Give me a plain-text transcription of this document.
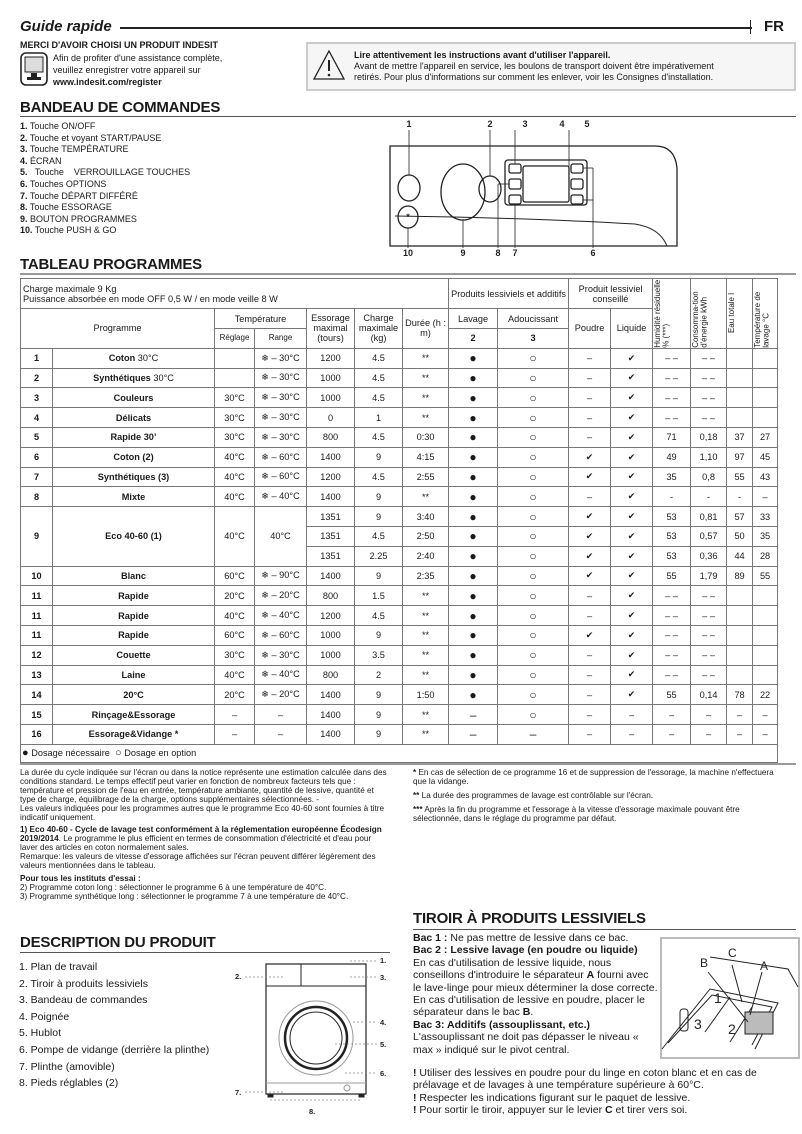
Guide rapide	FR
MERCI D'AVOIR CHOISI UN PRODUIT INDESIT
Afin de profiter d'une assistance complète,
veuillez enregistrer votre appareil sur
www.indesit.com/register
Lire attentivement les instructions avant d'utiliser l'appareil.
Avant de mettre l'appareil en service, les boulons de transport doivent être impérativement
retirés. Pour plus d'informations sur comment les enlever, voir les Consignes d'installation.
BANDEAU DE COMMANDES
1. Touche ON/OFF
2. Touche et voyant START/PAUSE
3. Touche TEMPÉRATURE
4. ÉCRAN
5.   Touche    VERROUILLAGE TOUCHES
6. Touches OPTIONS
7. Touche DÉPART DIFFÉRÉ
8. Touche ESSORAGE
9. BOUTON PROGRAMMES
10. Touche PUSH & GO
1	2	3	4 5
10	9	8 7	6
*
TABLEAU PROGRAMMES
Charge maximale 9 Kg
Puissance absorbée en mode OFF 0,5 W / en mode veille 8 W							Produits lessiviels et additifs		Produit lessiviel conseillé		Humidité résiduelle % (***)	Consomma-tion d'énergie kWh	Eau totale l	Température de lavage °C

Programme		Température		Essorage maximal (tours)	Charge maximale (kg)	Durée (h : m)	Lavage	Adoucissant	Poudre	Liquide				
		Réglage	Range				2	3						
1	Coton 30°C		❄ – 30°C	1200	4.5	**	●	○	–	✔	– –	– –		
2	Synthétiques 30°C		❄ – 30°C	1000	4.5	**	●	○	–	✔	– –	– –		
3	Couleurs	30°C	❄ – 30°C	1000	4.5	**	●	○	–	✔	– –	– –		
4	Délicats	30°C	❄ – 30°C	0	1	**	●	○	–	✔	– –	– –		
5	Rapide 30’	30°C	❄ – 30°C	800	4.5	0:30	●	○	–	✔	71	0,18	37	27
6	Coton (2)	40°C	❄ – 60°C	1400	9	4:15	●	○	✔	✔	49	1,10	97	45
7	Synthétiques (3)	40°C	❄ – 60°C	1200	4.5	2:55	●	○	✔	✔	35	0,8	55	43
8	Mixte	40°C	❄ – 40°C	1400	9	**	●	○	–	✔	-	-	-	–
9	Eco 40-60 (1)	40°C	40°C	1351	9	3:40	●	○	✔	✔	53	0,81	57	33
				1351	4.5	2:50	●	○	✔	✔	53	0,57	50	35
				1351	2.25	2:40	●	○	✔	✔	53	0,36	44	28
10	Blanc	60°C	❄ – 90°C	1400	9	2:35	●	○	✔	✔	55	1,79	89	55
11	Rapide	20°C	❄ – 20°C	800	1.5	**	●	○	–	✔	– –	– –		
11	Rapide	40°C	❄ – 40°C	1200	4.5	**	●	○	–	✔	– –	– –		
11	Rapide	60°C	❄ – 60°C	1000	9	**	●	○	✔	✔	– –	– –		
12	Couette	30°C	❄ – 30°C	1000	3.5	**	●	○	–	✔	– –	– –		
13	Laine	40°C	❄ – 40°C	800	2	**	●	○	–	✔	– –	– –		
14	20°C	20°C	❄ – 20°C	1400	9	1:50	●	○	–	✔	55	0,14	78	22
15	Rinçage&Essorage	–	–	1400	9	**	–	○	–	–	–	–	–	–
16	Essorage&Vidange *	–	–	1400	9	**	–	–	–	–	–	–	–	–
● Dosage nécessaire ○ Dosage en option														

La durée du cycle indiquée sur l'écran ou dans la notice représente une estimation calculée dans des conditions standard. Le temps effectif peut varier en fonction de nombreux facteurs tels que : température et pression de l'eau en entrée, température ambiante, quantité de lessive, quantité et type de charge, équilibrage de la charge, options supplémentaires sélectionnées. -

Les valeurs indiquées pour les programmes autres que le programme Eco 40-60 sont fournies à titre indicatif uniquement.

1) Eco 40-60 - Cycle de lavage test conformément à la réglementation européenne Écodesign 2019/2014. Le programme le plus efficient en termes de consommation d'électricité et d'eau pour laver des articles en coton normalement sales.

Remarque: les valeurs de vitesse d'essorage affichées sur l'écran peuvent différer légèrement des valeurs mentionnées dans le tableau.

Pour tous les instituts d'essai :

2) Programme coton long : sélectionner le programme 6 à une température de 40°C.

3) Programme synthétique long : sélectionner le programme 7 à une température de 40°C.

* En cas de sélection de ce programme 16 et de suppression de l'essorage, la machine n'effectuera que la vidange.

** La durée des programmes de lavage est contrôlable sur l'écran.

*** Après la fin du programme et l'essorage à la vitesse d'essorage maximale pouvant être sélectionnée, dans le réglage du programme par défaut.

TIROIR À PRODUITS LESSIVIELS

Bac 1 : Ne pas mettre de lessive dans ce bac.

Bac 2 : Lessive lavage (en poudre ou liquide)

En cas d'utilisation de lessive liquide, nous conseillons d'introduire le séparateur A fourni avec le lave-linge pour mieux déterminer la dose correcte.

En cas d'utilisation de lessive en poudre, placer le séparateur dans le bac B.

Bac 3: Additifs (assouplissant, etc.)

L'assouplissant ne doit pas dépasser le niveau « max » indiqué sur le pivot central.

! Utiliser des lessives en poudre pour du linge en coton blanc et en cas de prélavage et de lavages à une température supérieure à 60°C.

! Respecter les indications figurant sur le paquet de lessive.

! Pour sortir le tiroir, appuyer sur le levier C et tirer vers soi.

B
C
A
1
2
3
DESCRIPTION DU PRODUIT
1. Plan de travail
2. Tiroir à produits lessiviels
3. Bandeau de commandes
4. Poignée
5. Hublot
6. Pompe de vidange (derrière la plinthe)
7. Plinthe (amovible)
8. Pieds réglables (2)
1.
2.	3.
4.
5.
6.
7.
8.
